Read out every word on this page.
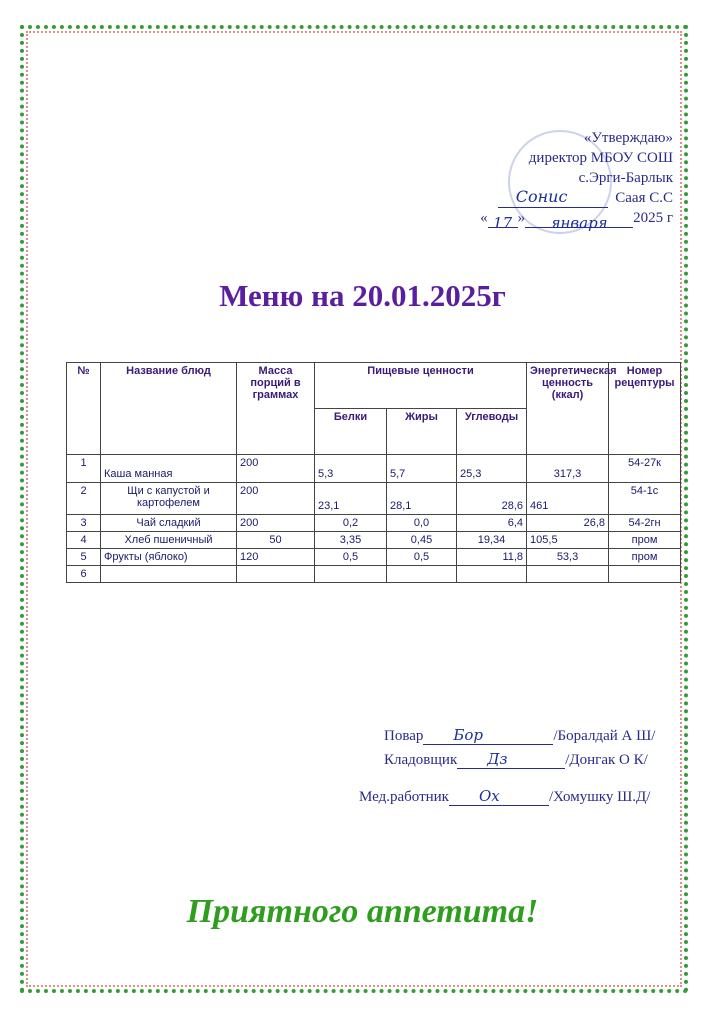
«Утверждаю»
директор МБОУ СОШ
с.Эрги-Барлык
Сонис	Саая С.С
« 17 » января 2025 г
Меню на 20.01.2025г
№	Название блюд	Масса порций в граммах	Пищевые ценности			Энергетическая ценность (ккал)	Номер рецептуры
			Белки	Жиры	Углеводы		
1	Каша манная	200	5,3	5,7	25,3	317,3	54-27к
2	Щи с капустой и картофелем	200	23,1	28,1	28,6	461	54-1с
3	Чай сладкий	200	0,2	0,0	6,4	26,8	54-2гн
4	Хлеб пшеничный	50	3,35	0,45	19,34	105,5	пром
5	Фрукты (яблоко)	120	0,5	0,5	11,8	53,3	пром
6							
Повар Бор	/Боралдай А Ш/
Кладовщик Дз	/Донгак О К/
Мед.работник Ох	/Хомушку Ш.Д/
Приятного аппетита!
